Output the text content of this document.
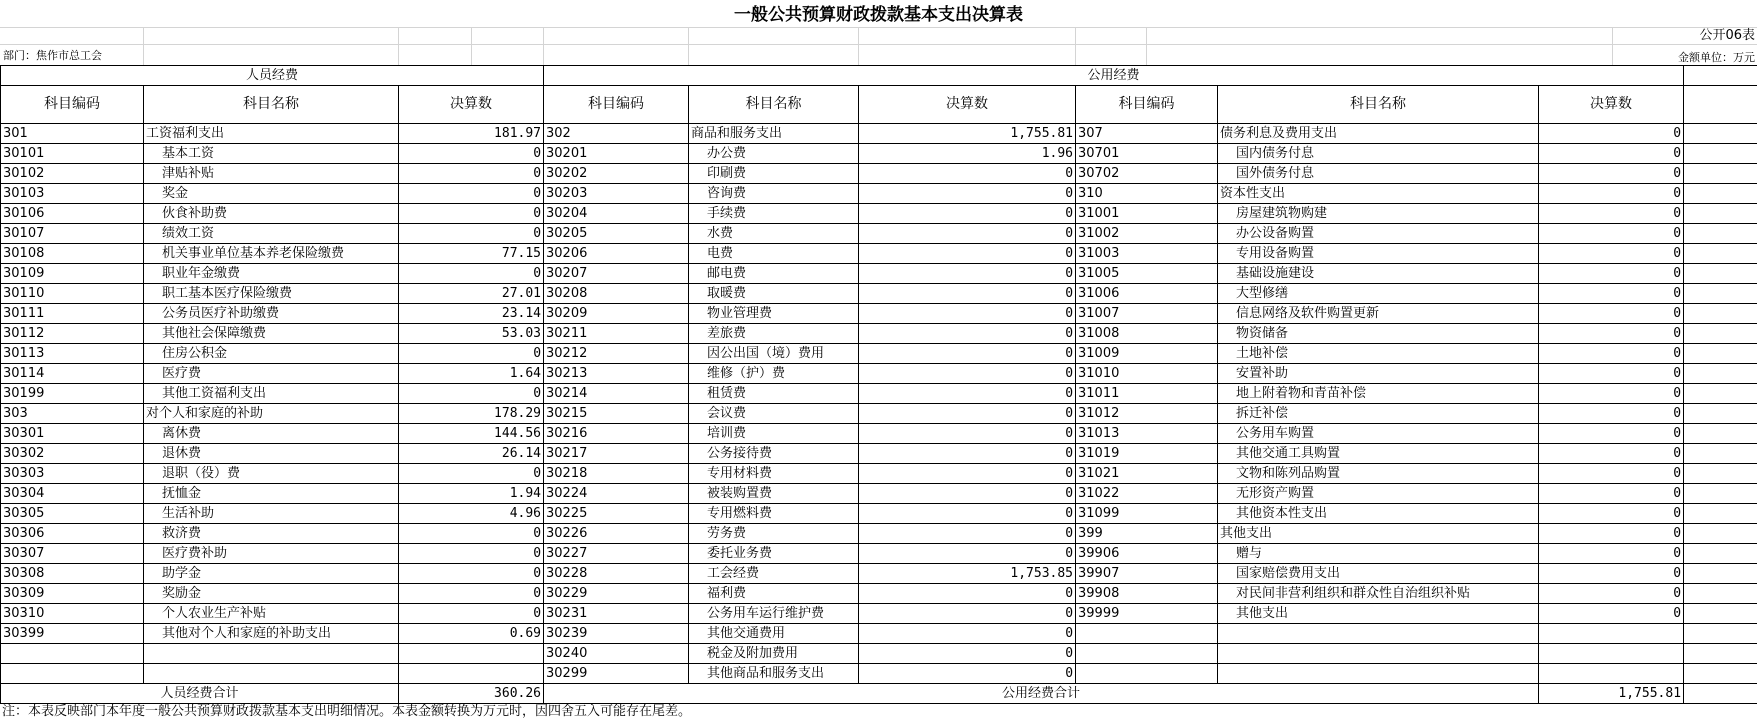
一般公共预算财政拨款基本支出决算表
公开06表
部门：焦作市总工会	金额单位：万元
人员经费			公用经费						
科目编码	科目名称	决算数	科目编码	科目名称	决算数	科目编码	科目名称	决算数	
301	工资福利支出	181.97	302	商品和服务支出	1,755.81	307	债务利息及费用支出	0	
30101	基本工资	0	30201	办公费	1.96	30701	国内债务付息	0	
30102	津贴补贴	0	30202	印刷费	0	30702	国外债务付息	0	
30103	奖金	0	30203	咨询费	0	310	资本性支出	0	
30106	伙食补助费	0	30204	手续费	0	31001	房屋建筑物购建	0	
30107	绩效工资	0	30205	水费	0	31002	办公设备购置	0	
30108	机关事业单位基本养老保险缴费	77.15	30206	电费	0	31003	专用设备购置	0	
30109	职业年金缴费	0	30207	邮电费	0	31005	基础设施建设	0	
30110	职工基本医疗保险缴费	27.01	30208	取暖费	0	31006	大型修缮	0	
30111	公务员医疗补助缴费	23.14	30209	物业管理费	0	31007	信息网络及软件购置更新	0	
30112	其他社会保障缴费	53.03	30211	差旅费	0	31008	物资储备	0	
30113	住房公积金	0	30212	因公出国（境）费用	0	31009	土地补偿	0	
30114	医疗费	1.64	30213	维修（护）费	0	31010	安置补助	0	
30199	其他工资福利支出	0	30214	租赁费	0	31011	地上附着物和青苗补偿	0	
303	对个人和家庭的补助	178.29	30215	会议费	0	31012	拆迁补偿	0	
30301	离休费	144.56	30216	培训费	0	31013	公务用车购置	0	
30302	退休费	26.14	30217	公务接待费	0	31019	其他交通工具购置	0	
30303	退职（役）费	0	30218	专用材料费	0	31021	文物和陈列品购置	0	
30304	抚恤金	1.94	30224	被装购置费	0	31022	无形资产购置	0	
30305	生活补助	4.96	30225	专用燃料费	0	31099	其他资本性支出	0	
30306	救济费	0	30226	劳务费	0	399	其他支出	0	
30307	医疗费补助	0	30227	委托业务费	0	39906	赠与	0	
30308	助学金	0	30228	工会经费	1,753.85	39907	国家赔偿费用支出	0	
30309	奖励金	0	30229	福利费	0	39908	对民间非营利组织和群众性自治组织补贴	0	
30310	个人农业生产补贴	0	30231	公务用车运行维护费	0	39999	其他支出	0	
30399	其他对个人和家庭的补助支出	0.69	30239	其他交通费用	0				
			30240	税金及附加费用	0				
			30299	其他商品和服务支出	0				
人员经费合计		360.26	公用经费合计					1,755.81	
注：本表反映部门本年度一般公共预算财政拨款基本支出明细情况。本表金额转换为万元时，因四舍五入可能存在尾差。
